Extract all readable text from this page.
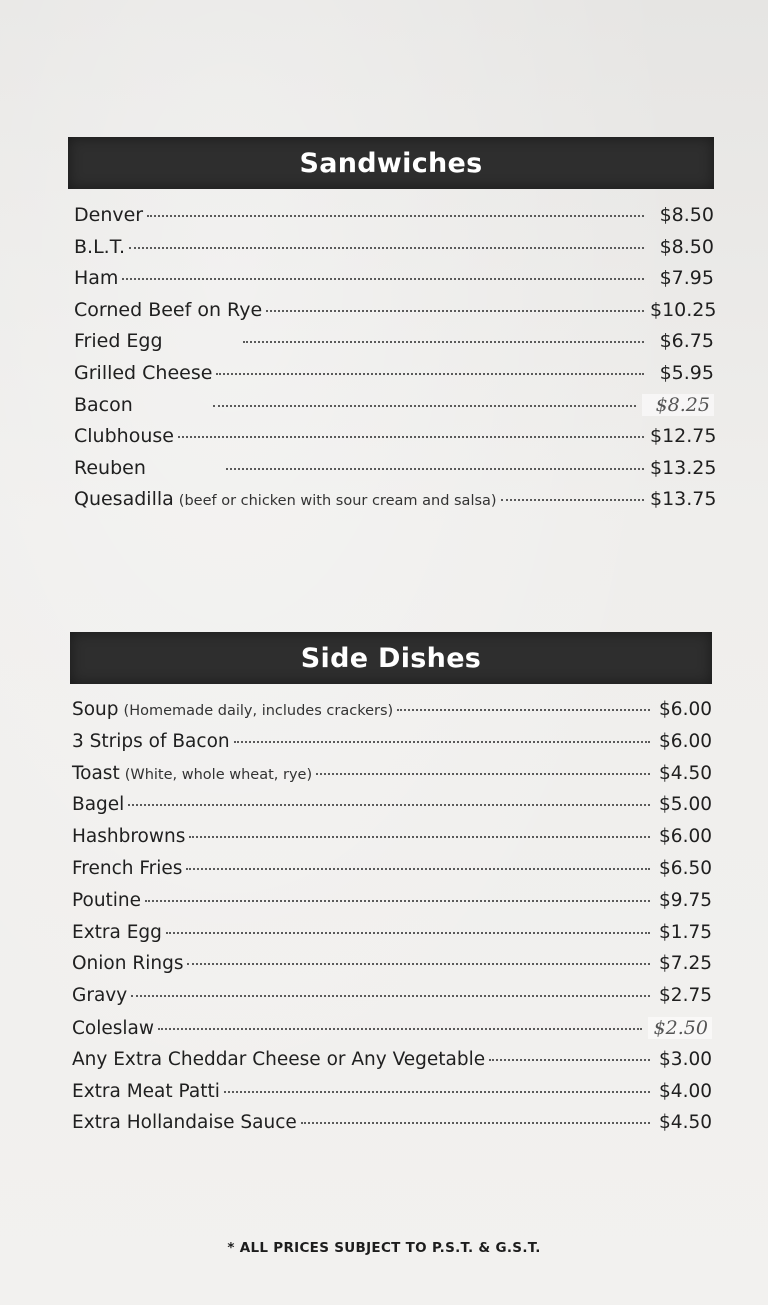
Sandwiches
Denver	$8.50
B.L.T.	$8.50
Ham	$7.95
Corned Beef on Rye	$10.25
Fried Egg	$6.75
Grilled Cheese	$5.95
Bacon	$8.25
Clubhouse	$12.75
Reuben	$13.25
Quesadilla (beef or chicken with sour cream and salsa)	$13.75
Side Dishes
Soup (Homemade daily, includes crackers)	$6.00
3 Strips of Bacon	$6.00
Toast (White, whole wheat, rye)	$4.50
Bagel	$5.00
Hashbrowns	$6.00
French Fries	$6.50
Poutine	$9.75
Extra Egg	$1.75
Onion Rings	$7.25
Gravy	$2.75
Coleslaw	$2.50
Any Extra Cheddar Cheese or Any Vegetable	$3.00
Extra Meat Patti	$4.00
Extra Hollandaise Sauce	$4.50
* ALL PRICES SUBJECT TO P.S.T. & G.S.T.
